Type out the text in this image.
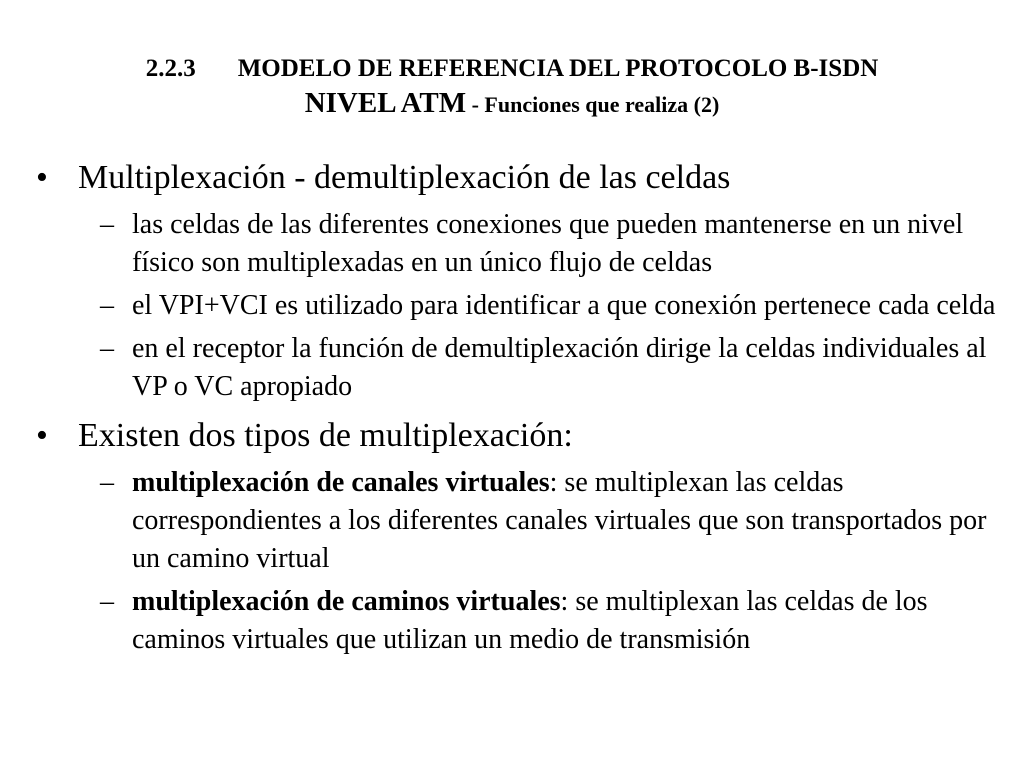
2.2.3 MODELO DE REFERENCIA DEL PROTOCOLO B-ISDN
NIVEL ATM - Funciones que realiza (2)
• Multiplexación - demultiplexación de las celdas
– las celdas de las diferentes conexiones que pueden mantenerse en un nivel físico son multiplexadas en un único flujo de celdas
– el VPI+VCI es utilizado para identificar a que conexión pertenece cada celda
– en el receptor la función de demultiplexación dirige la celdas individuales al VP o VC apropiado
• Existen dos tipos de multiplexación:
– multiplexación de canales virtuales: se multiplexan las celdas correspondientes a los diferentes canales virtuales que son transportados por un camino virtual
– multiplexación de caminos virtuales: se multiplexan las celdas de los caminos virtuales que utilizan un medio de transmisión
